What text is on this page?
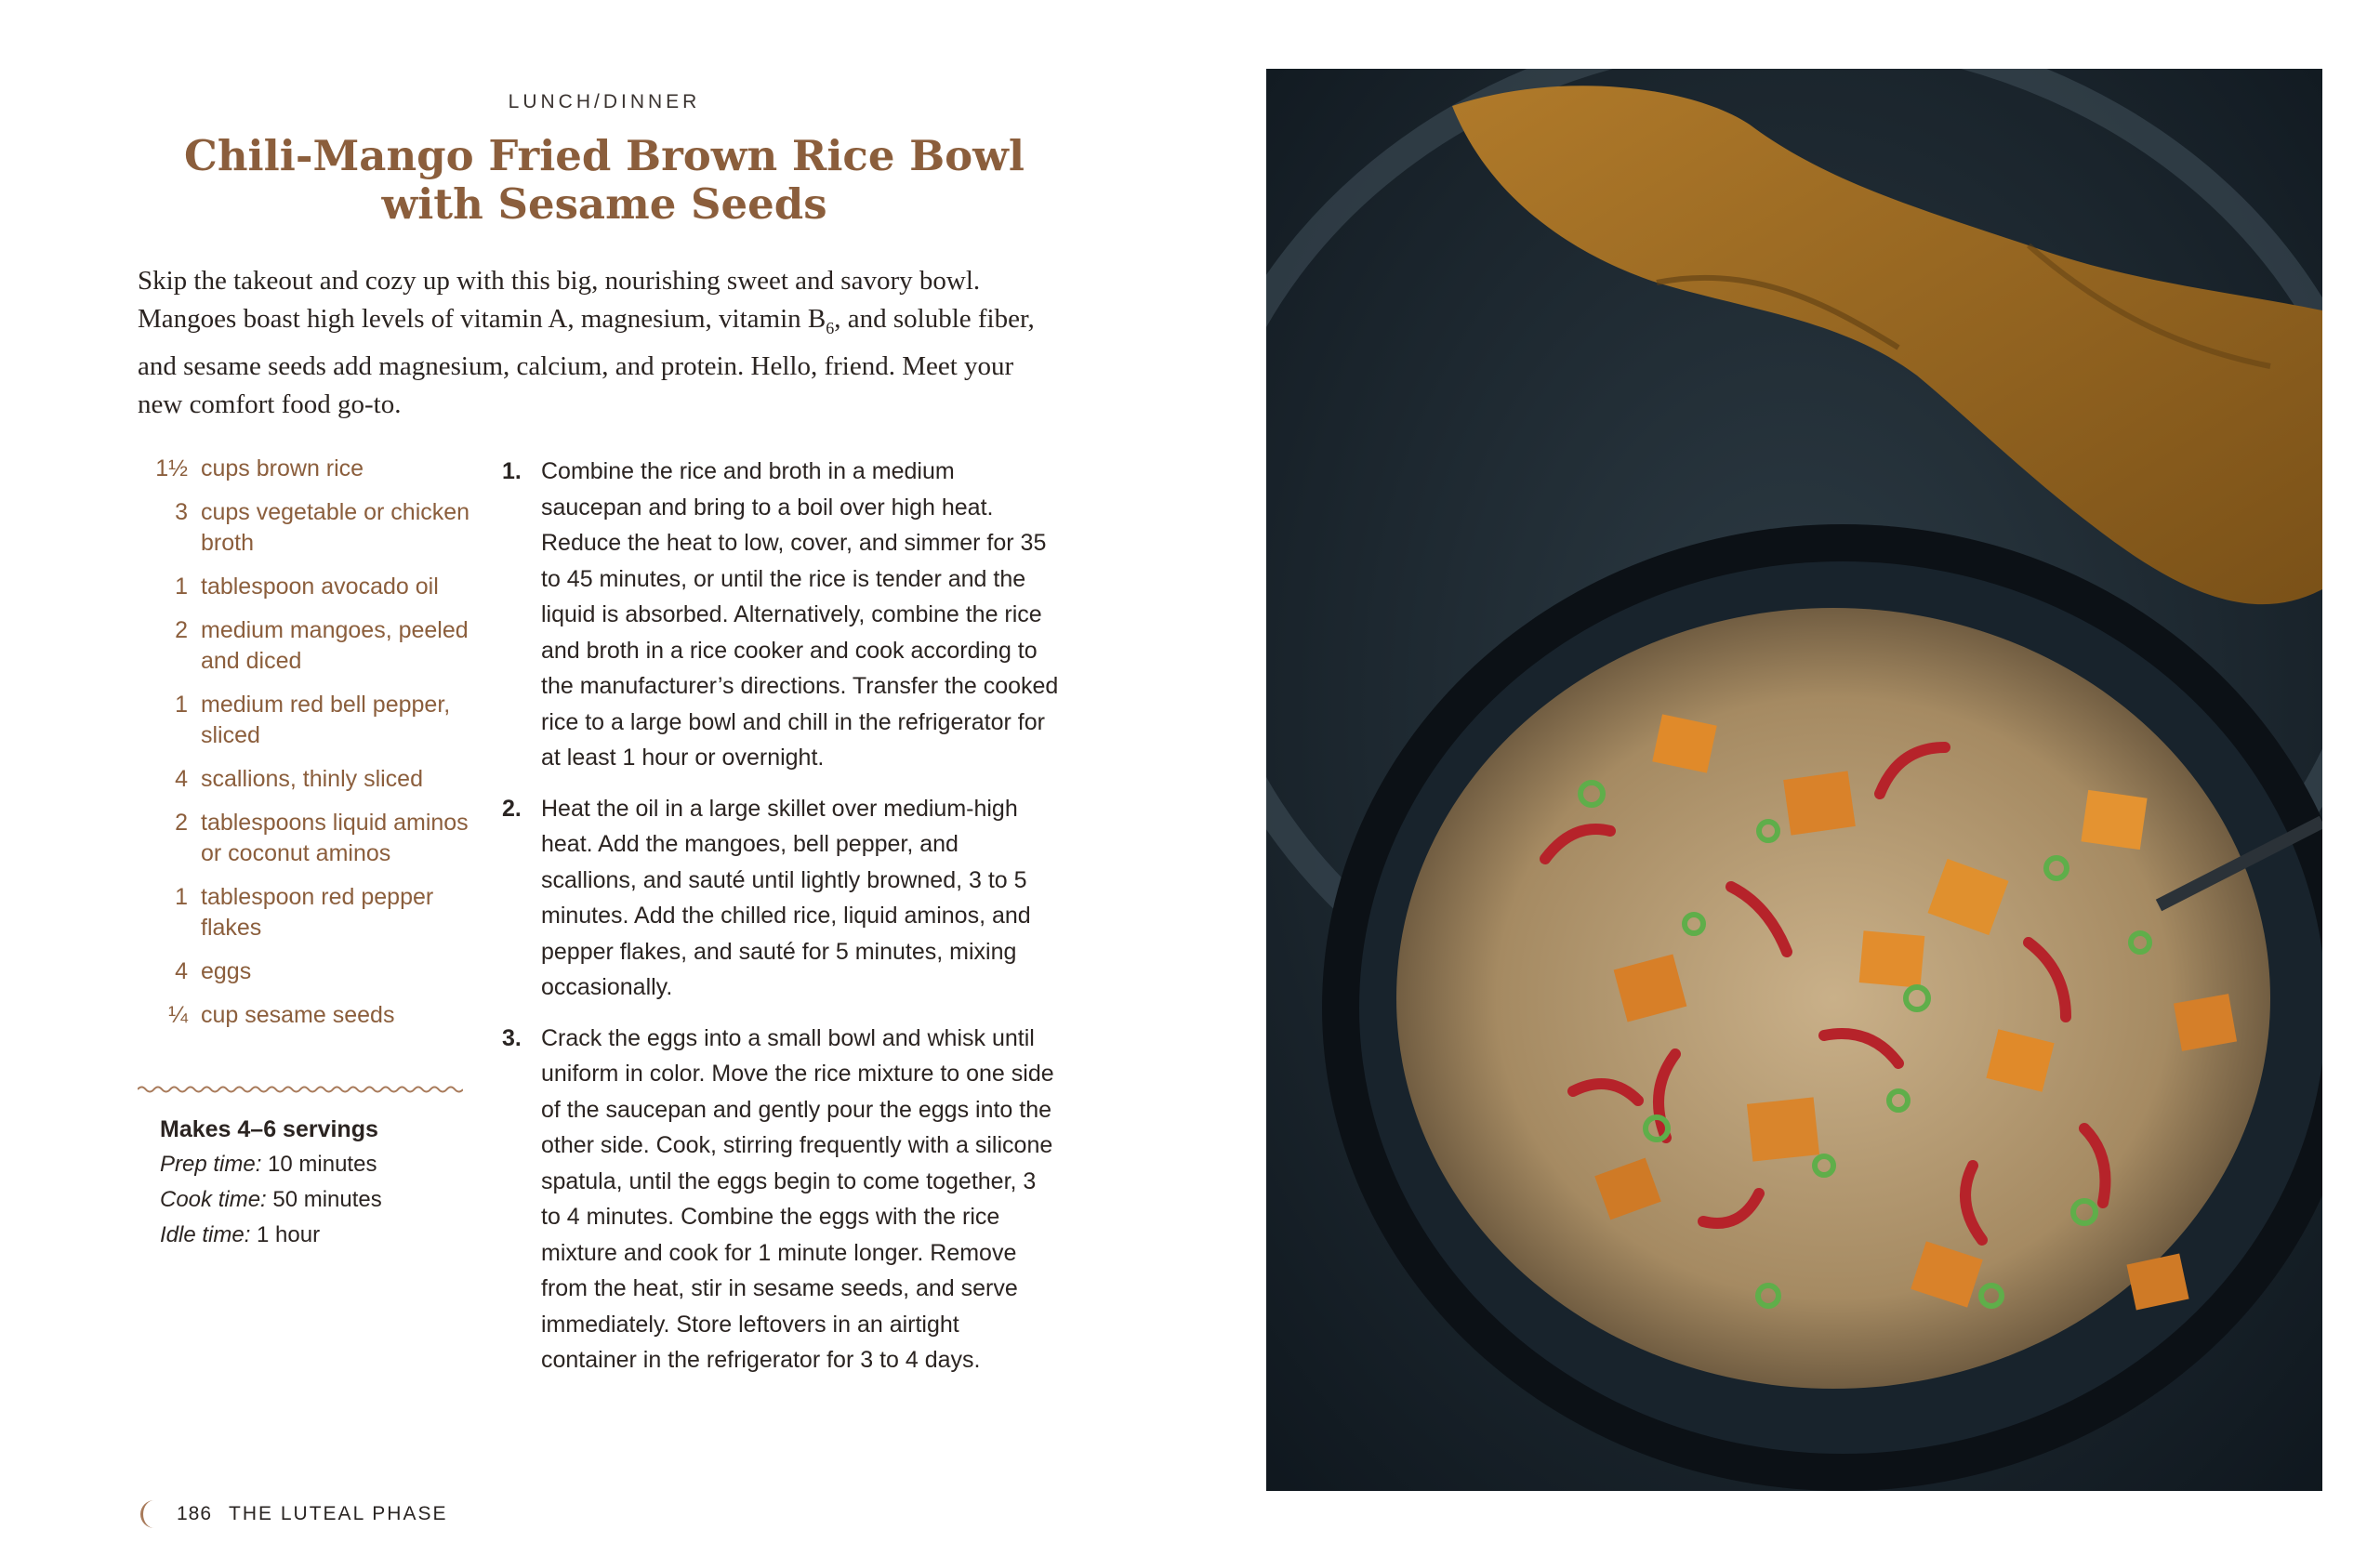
LUNCH/DINNER
Chili-Mango Fried Brown Rice Bowl
with Sesame Seeds

Skip the takeout and cozy up with this big, nourishing sweet and savory bowl. Mangoes boast high levels of vitamin A, magnesium, vitamin $B_6$, and soluble fiber, and sesame seeds add magnesium, calcium, and protein. Hello, friend. Meet your new comfort food go-to.

1½ cups brown rice
3 cups vegetable or chicken broth
1 tablespoon avocado oil
2 medium mangoes, peeled and diced
1 medium red bell pepper, sliced
4 scallions, thinly sliced
2 tablespoons liquid aminos or coconut aminos
1 tablespoon red pepper flakes
4 eggs
¼ cup sesame seeds
Makes 4–6 servings
Prep time: 10 minutes
Cook time: 50 minutes
Idle time: 1 hour
1. Combine the rice and broth in a medium saucepan and bring to a boil over high heat. Reduce the heat to low, cover, and simmer for 35 to 45 minutes, or until the rice is tender and the liquid is absorbed. Alternatively, combine the rice and broth in a rice cooker and cook according to the manufacturer’s directions. Transfer the cooked rice to a large bowl and chill in the refrigerator for at least 1 hour or overnight.
2. Heat the oil in a large skillet over medium-high heat. Add the mangoes, bell pepper, and scallions, and sauté until lightly browned, 3 to 5 minutes. Add the chilled rice, liquid aminos, and pepper flakes, and sauté for 5 minutes, mixing occasionally.
3. Crack the eggs into a small bowl and whisk until uniform in color. Move the rice mixture to one side of the saucepan and gently pour the eggs into the other side. Cook, stirring frequently with a silicone spatula, until the eggs begin to come together, 3 to 4 minutes. Combine the eggs with the rice mixture and cook for 1 minute longer. Remove from the heat, stir in sesame seeds, and serve immediately. Store leftovers in an airtight container in the refrigerator for 3 to 4 days.
186 THE LUTEAL PHASE
